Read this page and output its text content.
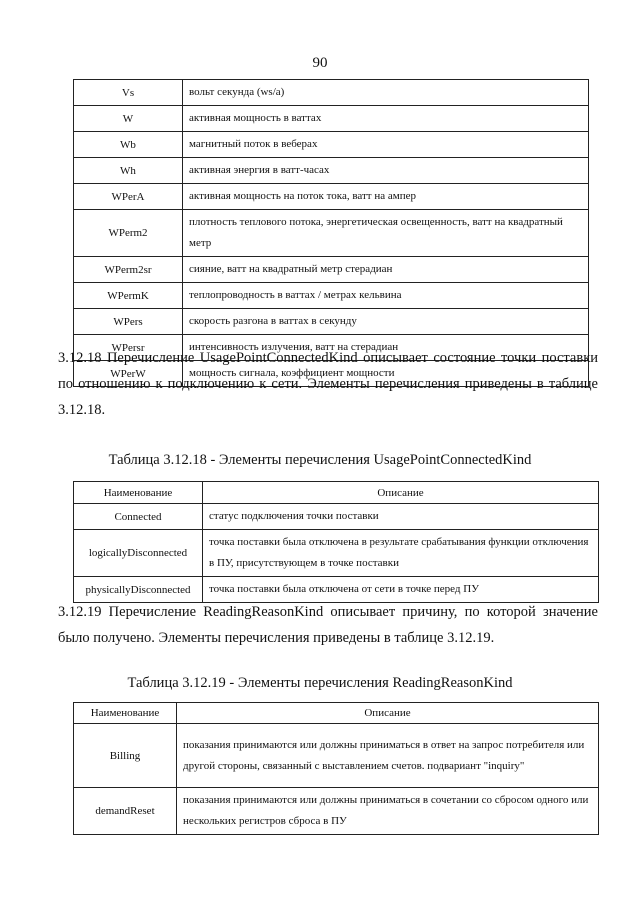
90
Vs	вольт секунда (ws/a)
W	активная мощность в ваттах
Wb	магнитный поток в веберах
Wh	активная энергия в ватт-часах
WPerA	активная мощность на поток тока, ватт на ампер
WPerm2	плотность теплового потока, энергетическая освещенность, ватт на квадратный метр
WPerm2sr	сияние, ватт на квадратный метр стерадиан
WPermK	теплопроводность в ваттах / метрах кельвина
WPers	скорость разгона в ваттах в секунду
WPersr	интенсивность излучения, ватт на стерадиан
WPerW	мощность сигнала, коэффициент мощности

3.12.18 Перечисление UsagePointConnectedKind описывает состояние точки поставки по отношению к подключению к сети. Элементы перечисления приведены в таблице 3.12.18.

Таблица 3.12.18 - Элементы перечисления UsagePointConnectedKind

Наименование	Описание
Connected	статус подключения точки поставки
logicallyDisconnected	точка поставки была отключена в результате срабатывания функции отключения в ПУ, присутствующем в точке поставки
physicallyDisconnected	точка поставки была отключена от сети в точке перед ПУ

3.12.19 Перечисление ReadingReasonKind описывает причину, по которой значение было получено. Элементы перечисления приведены в таблице 3.12.19.

Таблица 3.12.19 - Элементы перечисления ReadingReasonKind

Наименование	Описание
Billing	показания принимаются или должны приниматься в ответ на запрос потребителя или другой стороны, связанный с выставлением счетов. подвариант "inquiry"
demandReset	показания принимаются или должны приниматься в сочетании со сбросом одного или нескольких регистров сброса в ПУ
